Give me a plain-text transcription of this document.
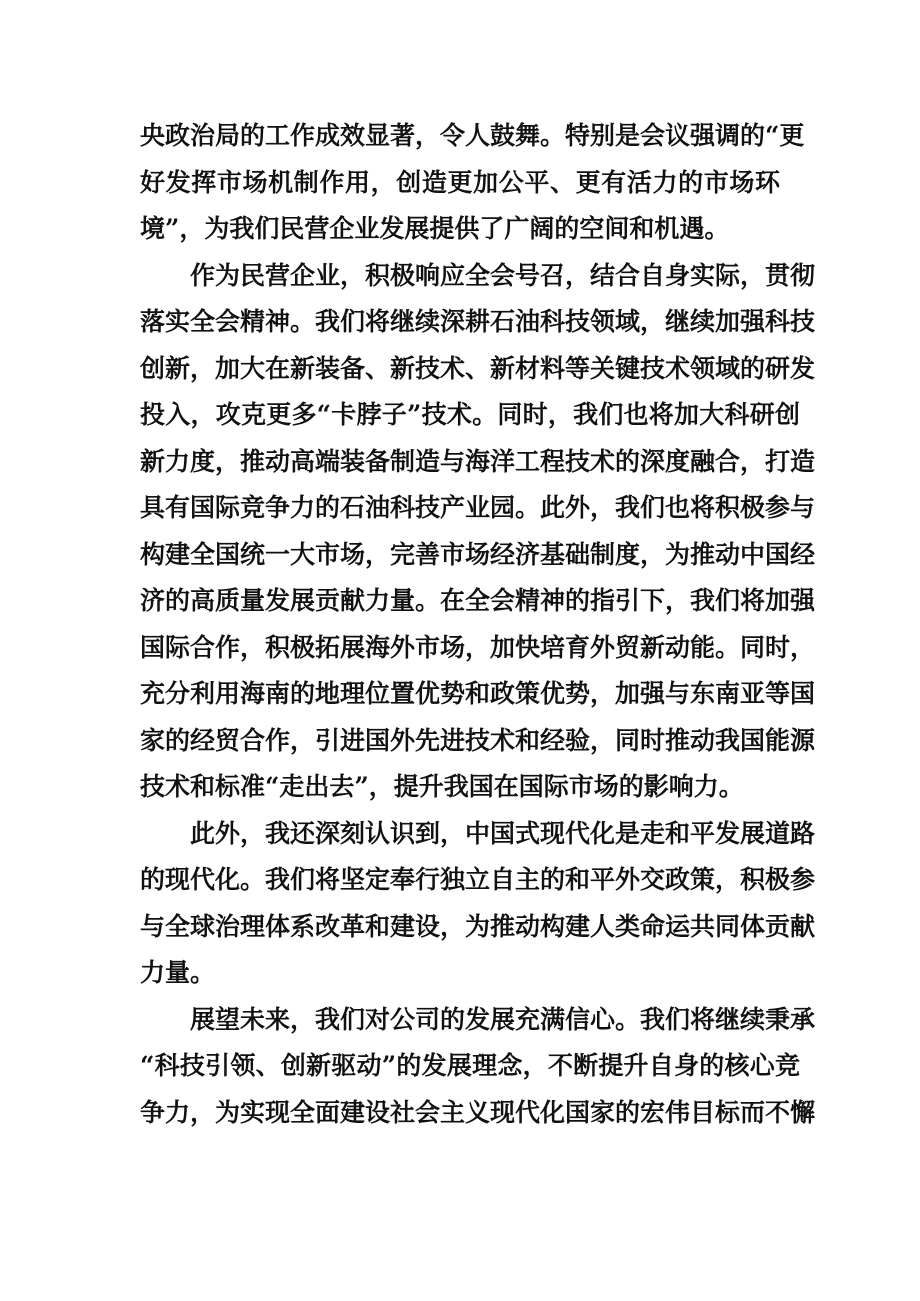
央政治局的工作成效显著，令人鼓舞。特别是会议强调的“更
好发挥市场机制作用，创造更加公平、更有活力的市场环
境”，为我们民营企业发展提供了广阔的空间和机遇。
作为民营企业，积极响应全会号召，结合自身实际，贯彻
落实全会精神。我们将继续深耕石油科技领域，继续加强科技
创新，加大在新装备、新技术、新材料等关键技术领域的研发
投入，攻克更多“卡脖子”技术。同时，我们也将加大科研创
新力度，推动高端装备制造与海洋工程技术的深度融合，打造
具有国际竞争力的石油科技产业园。此外，我们也将积极参与
构建全国统一大市场，完善市场经济基础制度，为推动中国经
济的高质量发展贡献力量。在全会精神的指引下，我们将加强
国际合作，积极拓展海外市场，加快培育外贸新动能。同时，
充分利用海南的地理位置优势和政策优势，加强与东南亚等国
家的经贸合作，引进国外先进技术和经验，同时推动我国能源
技术和标准“走出去”，提升我国在国际市场的影响力。
此外，我还深刻认识到，中国式现代化是走和平发展道路
的现代化。我们将坚定奉行独立自主的和平外交政策，积极参
与全球治理体系改革和建设，为推动构建人类命运共同体贡献
力量。
展望未来，我们对公司的发展充满信心。我们将继续秉承
“科技引领、创新驱动”的发展理念，不断提升自身的核心竞
争力，为实现全面建设社会主义现代化国家的宏伟目标而不懈
